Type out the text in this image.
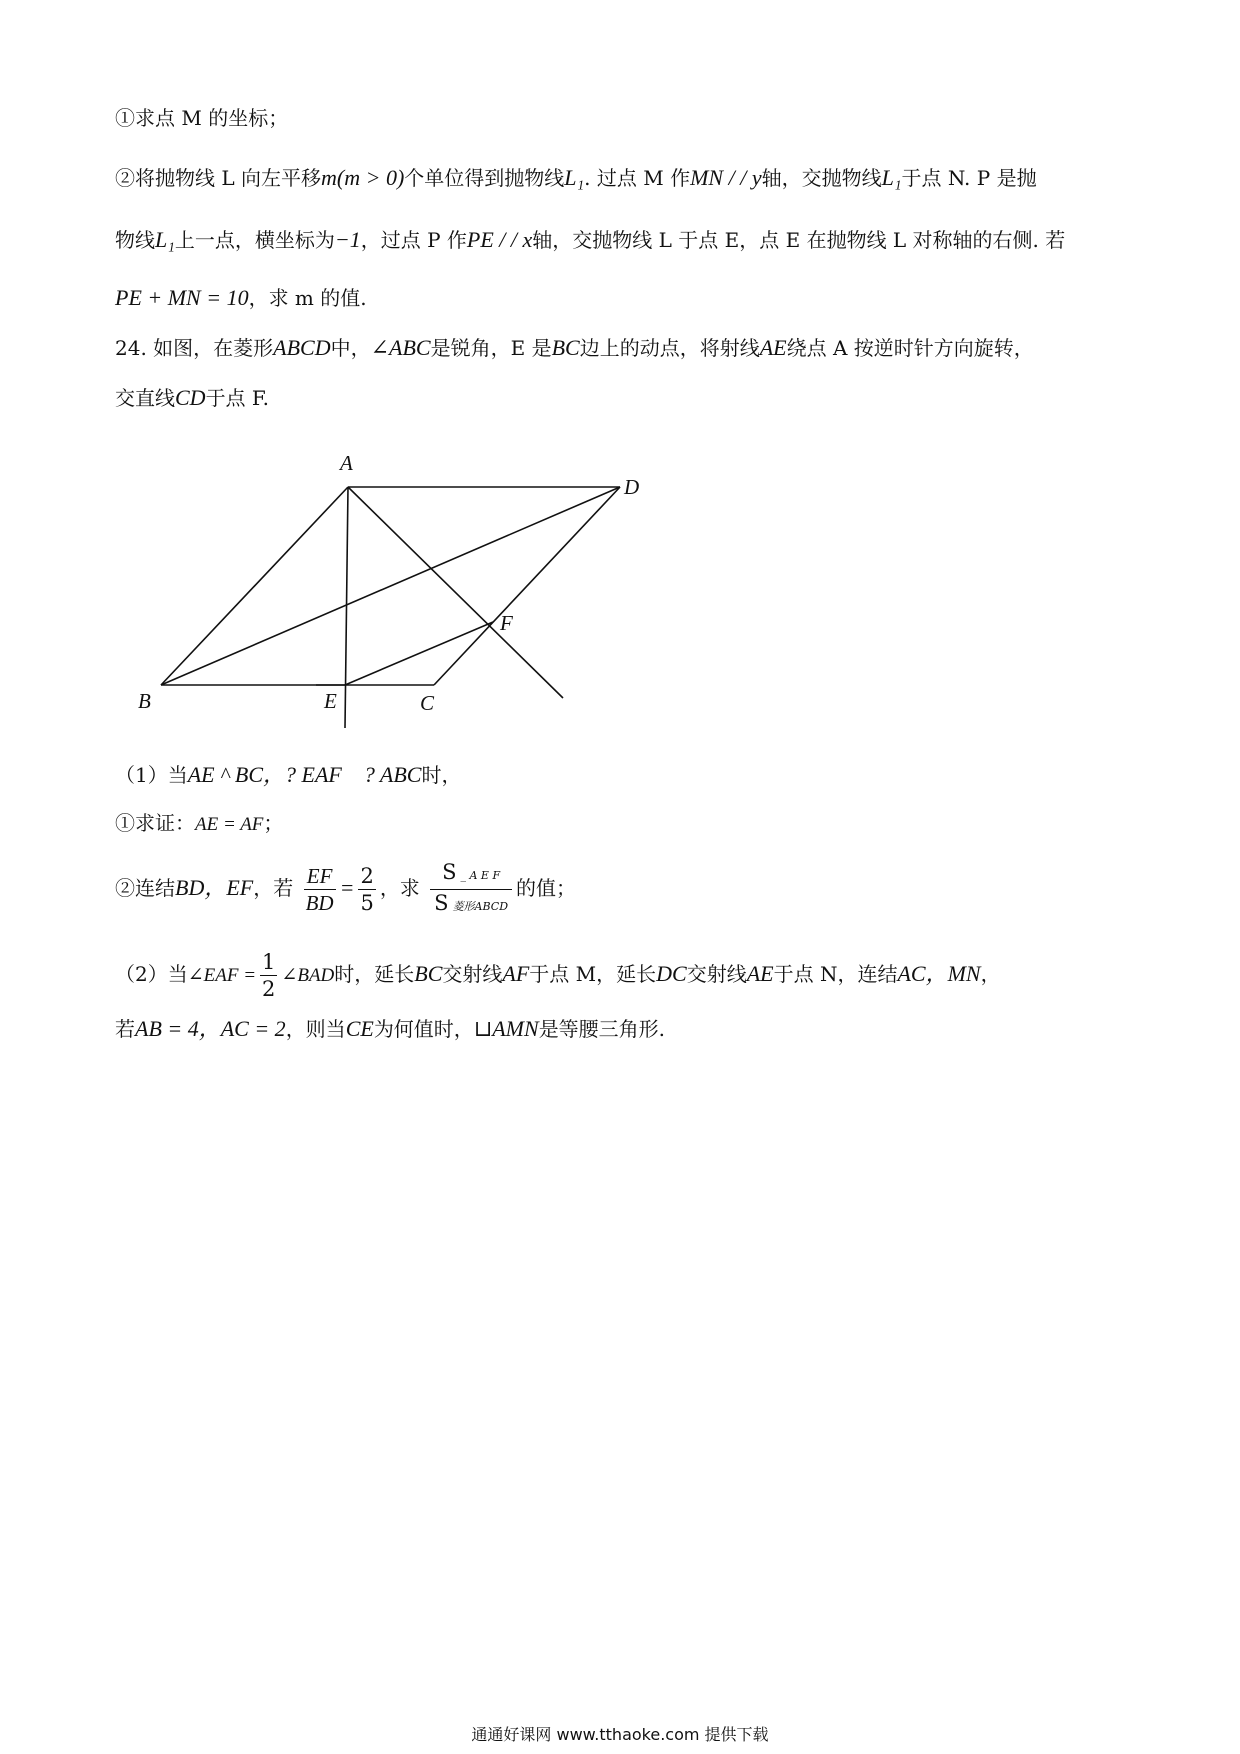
①求点 M 的坐标；
②将抛物线 L 向左平移m(m > 0)个单位得到抛物线L₁. 过点 M 作MN / / y轴，交抛物线L₁于点 N. P 是抛
物线L₁上一点，横坐标为−1，过点 P 作PE / / x轴，交抛物线 L 于点 E，点 E 在抛物线 L 对称轴的右侧. 若
PE + MN = 10，求 m 的值.
24. 如图，在菱形ABCD中，∠ABC是锐角，E 是BC边上的动点，将射线AE绕点 A 按逆时针方向旋转，
交直线CD于点 F.
A
D
F
B	E	C
（1）当AE ^ BC，? EAF    ? ABC时，
①求证：AE = AF；
②连结BD，EF，若 $\frac{EF}{BD} = \frac{2}{5}$ ，求 $\frac{\text{S \_ A E F}}{\text{S 菱形ABCD}}$ 的值；
（2）当∠EAF = $\frac{1}{2}$ ∠BAD时，延长BC交射线AF于点 M，延长DC交射线AE于点 N，连结AC，MN，
若AB = 4，AC = 2，则当CE为何值时，⊔AMN是等腰三角形.
通通好课网 www.tthaoke.com 提供下载
